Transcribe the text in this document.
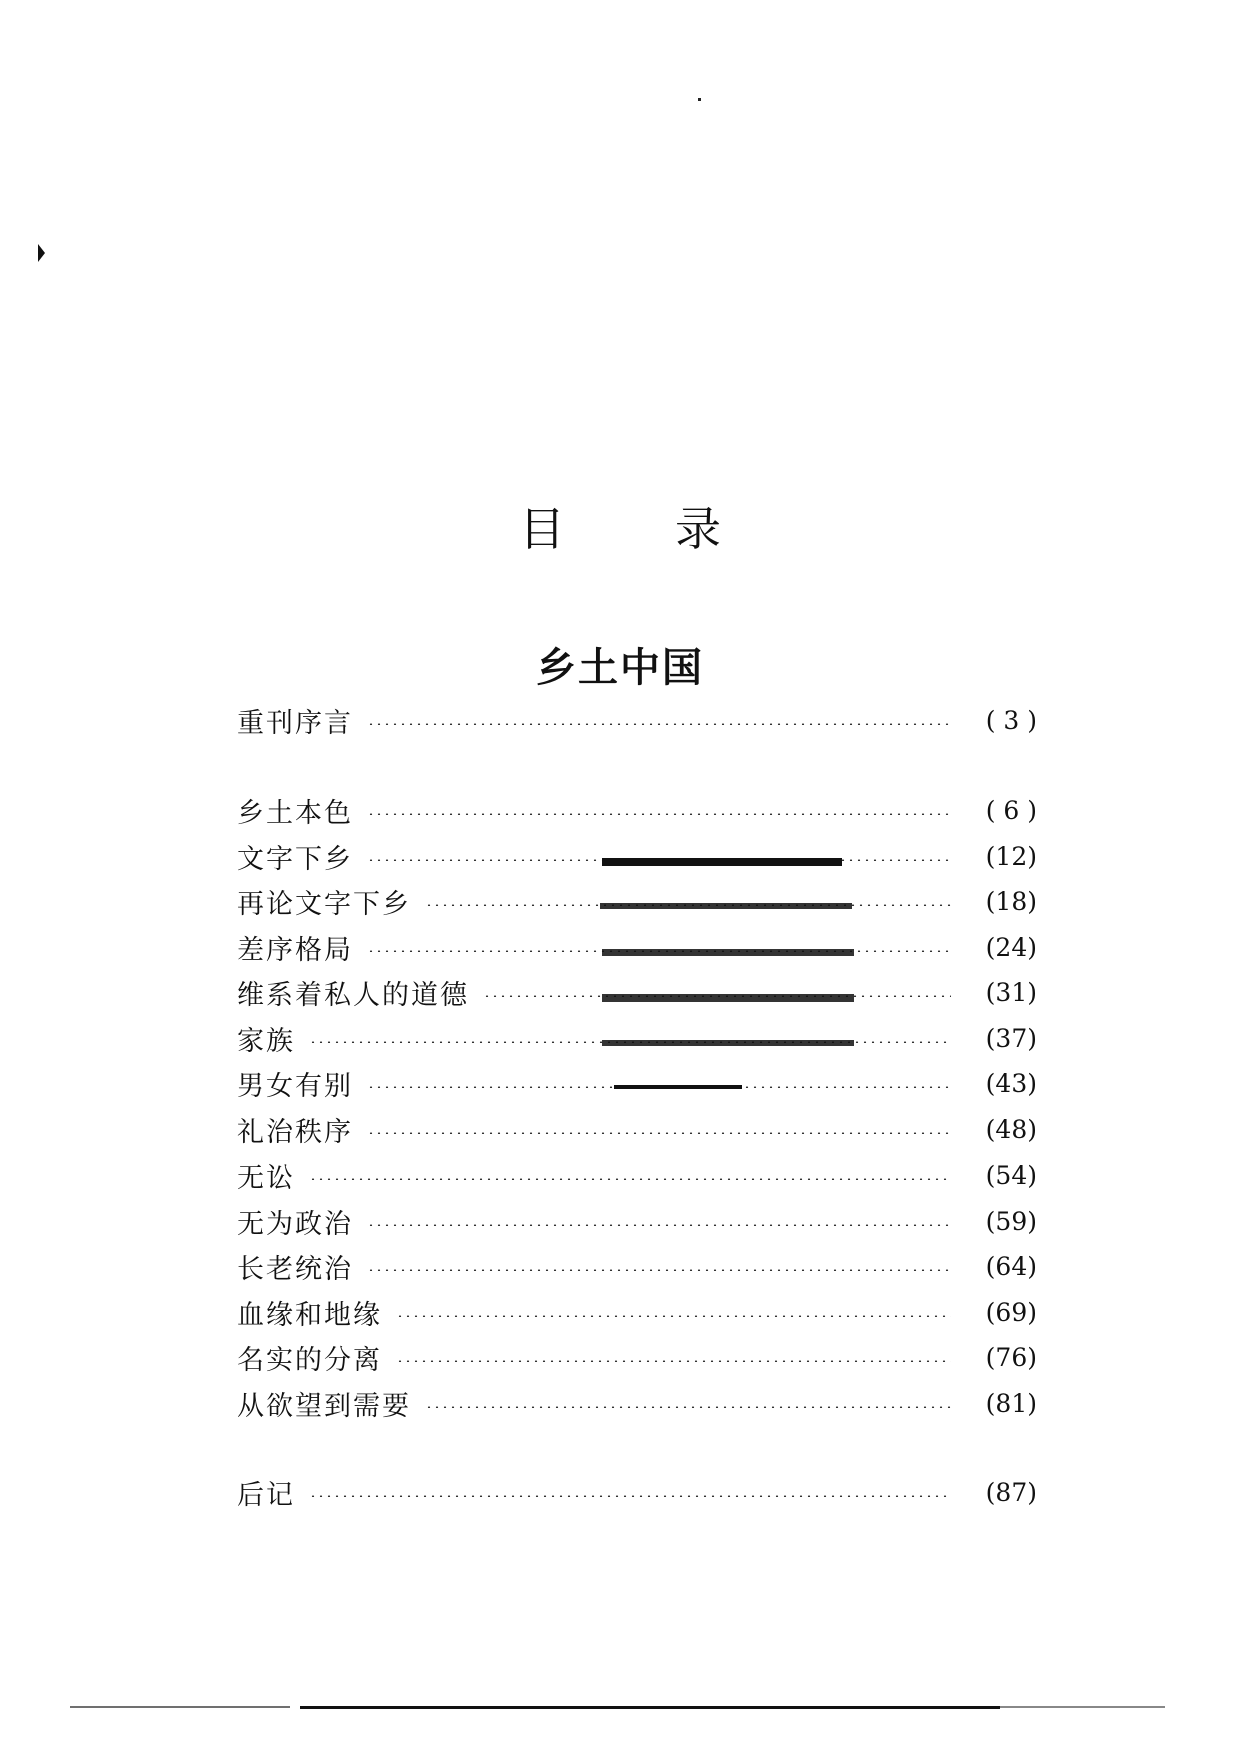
目 录
乡土中国
重刊序言	( 3 )
乡土本色	( 6 )
文字下乡	(12)
再论文字下乡	(18)
差序格局	(24)
维系着私人的道德	(31)
家族	(37)
男女有别	(43)
礼治秩序	(48)
无讼	(54)
无为政治	(59)
长老统治	(64)
血缘和地缘	(69)
名实的分离	(76)
从欲望到需要	(81)
后记	(87)
